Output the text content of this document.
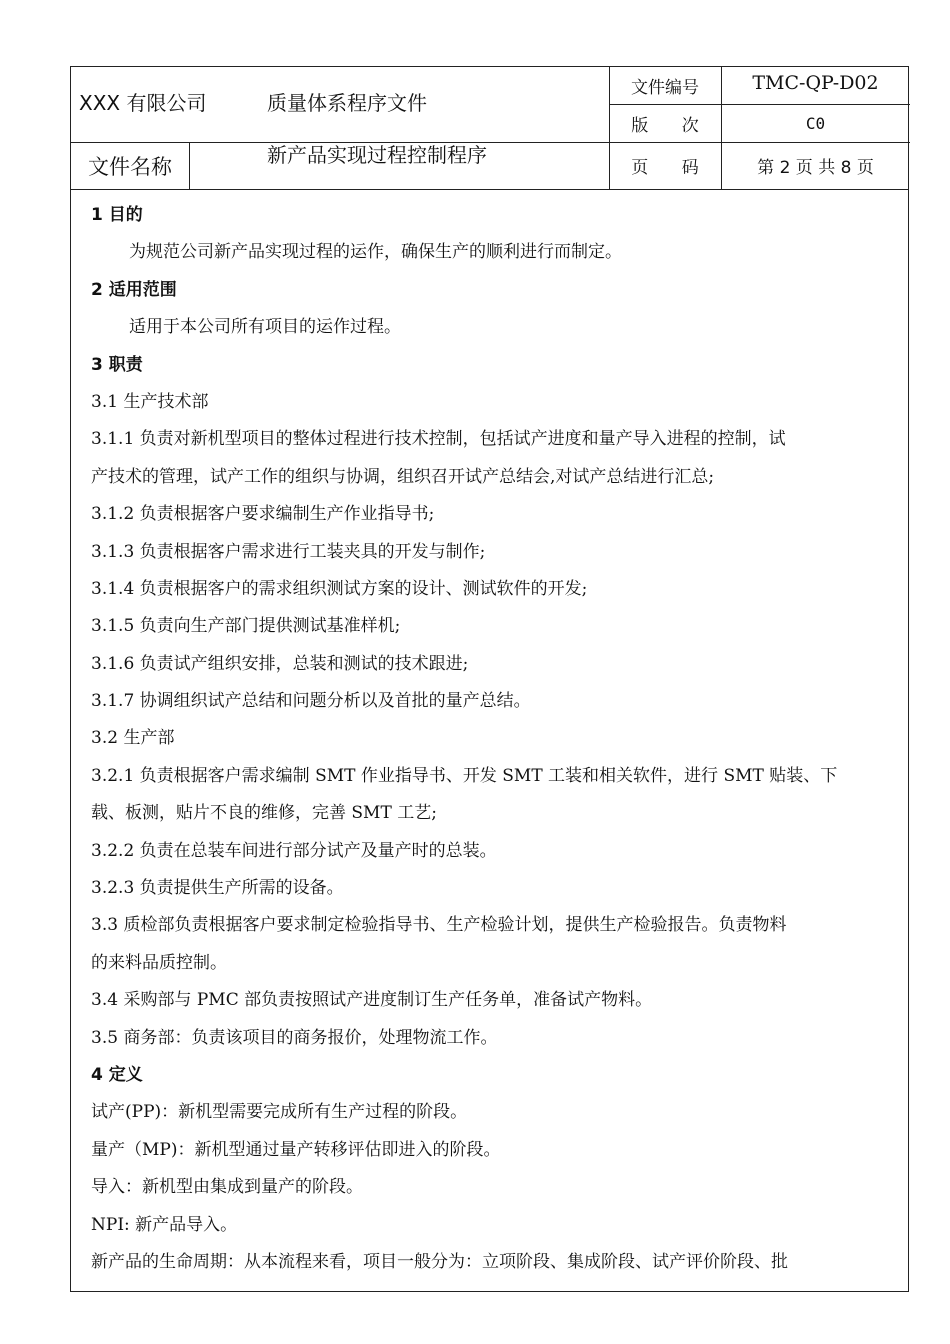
XXX 有限公司	质量体系程序文件
文件名称	新产品实现过程控制程序
文件编号	TMC-QP-D02
版 次	C0
页 码	第 2 页 共 8 页
1 目的
为规范公司新产品实现过程的运作，确保生产的顺利进行而制定。
2 适用范围
适用于本公司所有项目的运作过程。
3 职责
3.1 生产技术部
3.1.1 负责对新机型项目的整体过程进行技术控制，包括试产进度和量产导入进程的控制，试
产技术的管理，试产工作的组织与协调，组织召开试产总结会,对试产总结进行汇总;
3.1.2 负责根据客户要求编制生产作业指导书;
3.1.3 负责根据客户需求进行工装夹具的开发与制作;
3.1.4 负责根据客户的需求组织测试方案的设计、测试软件的开发;
3.1.5 负责向生产部门提供测试基准样机;
3.1.6 负责试产组织安排，总装和测试的技术跟进;
3.1.7 协调组织试产总结和问题分析以及首批的量产总结。
3.2 生产部
3.2.1 负责根据客户需求编制 SMT 作业指导书、开发 SMT 工装和相关软件，进行 SMT 贴装、下
载、板测，贴片不良的维修，完善 SMT 工艺;
3.2.2 负责在总装车间进行部分试产及量产时的总装。
3.2.3 负责提供生产所需的设备。
3.3 质检部负责根据客户要求制定检验指导书、生产检验计划，提供生产检验报告。负责物料
的来料品质控制。
3.4 采购部与 PMC 部负责按照试产进度制订生产任务单，准备试产物料。
3.5 商务部：负责该项目的商务报价，处理物流工作。
4 定义
试产(PP)：新机型需要完成所有生产过程的阶段。
量产（MP)：新机型通过量产转移评估即进入的阶段。
导入：新机型由集成到量产的阶段。
NPI: 新产品导入。
新产品的生命周期：从本流程来看，项目一般分为：立项阶段、集成阶段、试产评价阶段、批
